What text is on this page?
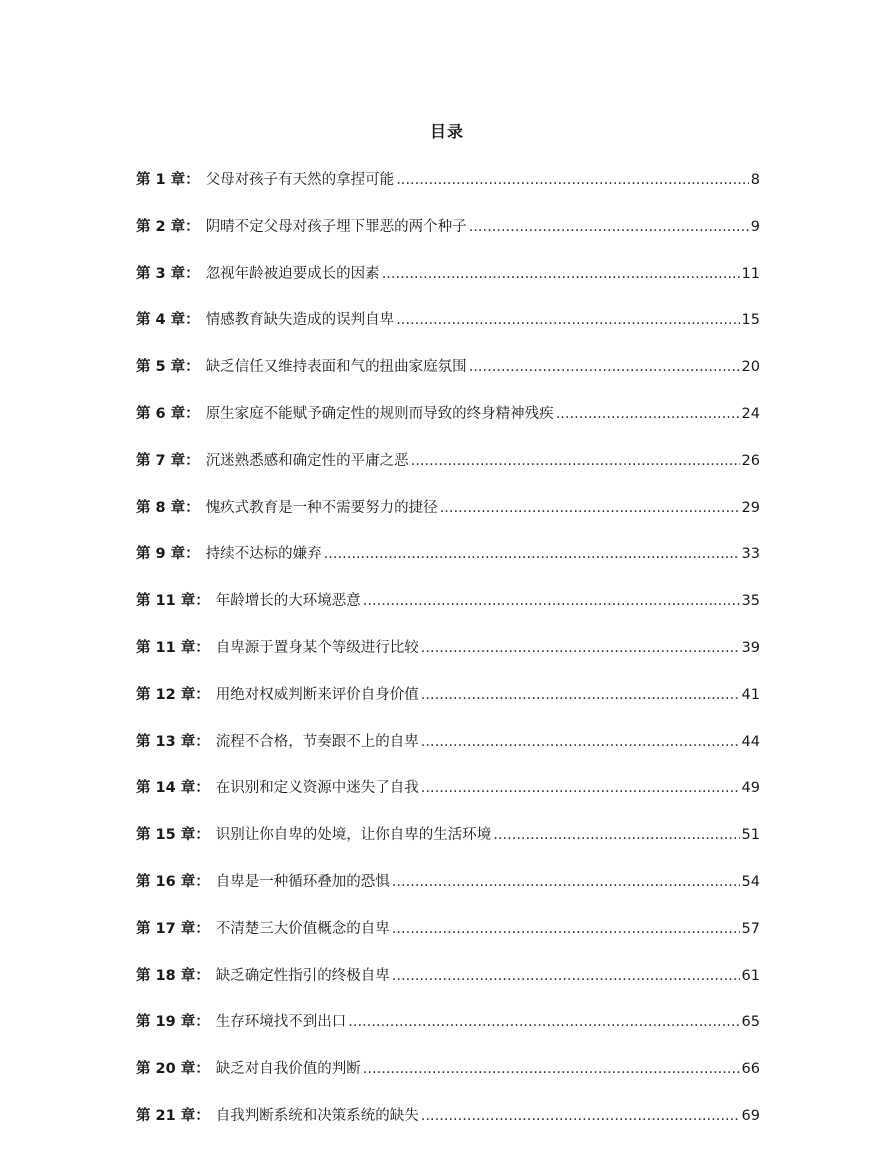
目录
第 1 章： 父母对孩子有天然的拿捏可能 .....	8
第 2 章： 阴晴不定父母对孩子埋下罪恶的两个种子 .....	9
第 3 章： 忽视年龄被迫要成长的因素 .....	11
第 4 章： 情感教育缺失造成的误判自卑 .....	15
第 5 章： 缺乏信任又维持表面和气的扭曲家庭氛围 .....	20
第 6 章： 原生家庭不能赋予确定性的规则而导致的终身精神残疾 .....	24
第 7 章： 沉迷熟悉感和确定性的平庸之恶 .....	26
第 8 章： 愧疚式教育是一种不需要努力的捷径 .....	29
第 9 章： 持续不达标的嫌弃 .....	33
第 11 章： 年龄增长的大环境恶意 .....	35
第 11 章： 自卑源于置身某个等级进行比较 .....	39
第 12 章： 用绝对权威判断来评价自身价值 .....	41
第 13 章： 流程不合格，节奏跟不上的自卑 .....	44
第 14 章： 在识别和定义资源中迷失了自我 .....	49
第 15 章： 识别让你自卑的处境，让你自卑的生活环境 .....	51
第 16 章： 自卑是一种循环叠加的恐惧 .....	54
第 17 章： 不清楚三大价值概念的自卑 .....	57
第 18 章： 缺乏确定性指引的终极自卑 .....	61
第 19 章： 生存环境找不到出口 .....	65
第 20 章： 缺乏对自我价值的判断 .....	66
第 21 章： 自我判断系统和决策系统的缺失 .....	69
